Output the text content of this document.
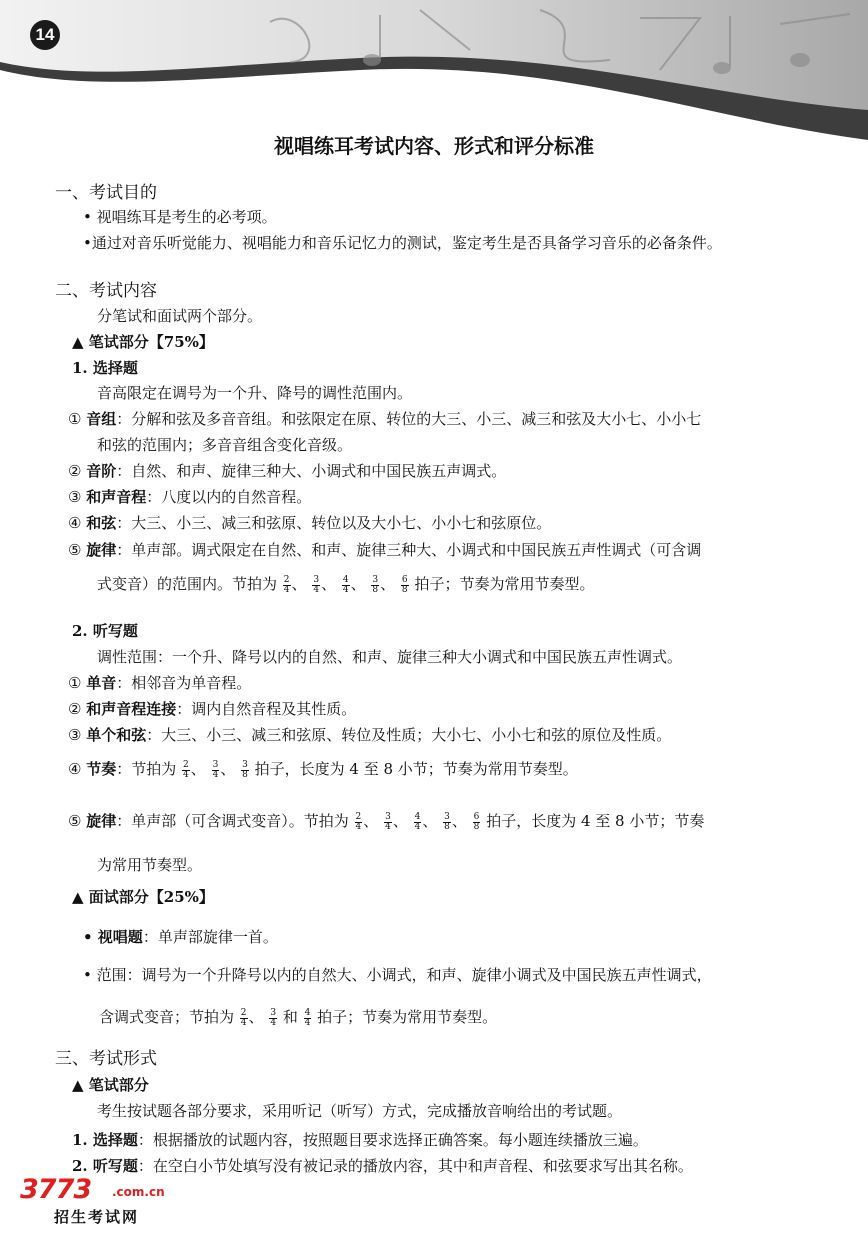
14
视唱练耳考试内容、形式和评分标准
一、考试目的
• 视唱练耳是考生的必考项。
•通过对音乐听觉能力、视唱能力和音乐记忆力的测试，鉴定考生是否具备学习音乐的必备条件。
二、考试内容
分笔试和面试两个部分。
▲ 笔试部分【75%】
1. 选择题
音高限定在调号为一个升、降号的调性范围内。
① 音组：分解和弦及多音音组。和弦限定在原、转位的大三、小三、减三和弦及大小七、小小七
和弦的范围内；多音音组含变化音级。
② 音阶：自然、和声、旋律三种大、小调式和中国民族五声调式。
③ 和声音程：八度以内的自然音程。
④ 和弦：大三、小三、减三和弦原、转位以及大小七、小小七和弦原位。
⑤ 旋律：单声部。调式限定在自然、和声、旋律三种大、小调式和中国民族五声性调式（可含调
式变音）的范围内。节拍为 $\frac{2}{4}$ 、 $\frac{3}{4}$ 、 $\frac{4}{4}$ 、 $\frac{3}{8}$ 、 $\frac{6}{8}$ 拍子；节奏为常用节奏型。
2. 听写题
调性范围：一个升、降号以内的自然、和声、旋律三种大小调式和中国民族五声性调式。
① 单音：相邻音为单音程。
② 和声音程连接：调内自然音程及其性质。
③ 单个和弦：大三、小三、减三和弦原、转位及性质；大小七、小小七和弦的原位及性质。
④ 节奏：节拍为 $\frac{2}{4}$ 、 $\frac{3}{4}$ 、 $\frac{3}{8}$ 拍子，长度为 4 至 8 小节；节奏为常用节奏型。
⑤ 旋律：单声部（可含调式变音）。节拍为 $\frac{2}{4}$ 、 $\frac{3}{4}$ 、 $\frac{4}{4}$ 、 $\frac{3}{8}$ 、 $\frac{6}{8}$ 拍子，长度为 4 至 8 小节；节奏
为常用节奏型。
▲ 面试部分【25%】
• 视唱题：单声部旋律一首。
• 范围：调号为一个升降号以内的自然大、小调式，和声、旋律小调式及中国民族五声性调式，
含调式变音；节拍为 $\frac{2}{4}$ 、 $\frac{3}{4}$ 和 $\frac{4}{4}$ 拍子；节奏为常用节奏型。
三、考试形式
▲ 笔试部分
考生按试题各部分要求，采用听记（听写）方式，完成播放音响给出的考试题。
1. 选择题：根据播放的试题内容，按照题目要求选择正确答案。每小题连续播放三遍。
2. 听写题：在空白小节处填写没有被记录的播放内容，其中和声音程、和弦要求写出其名称。
3773 .com.cn
招生考试网
